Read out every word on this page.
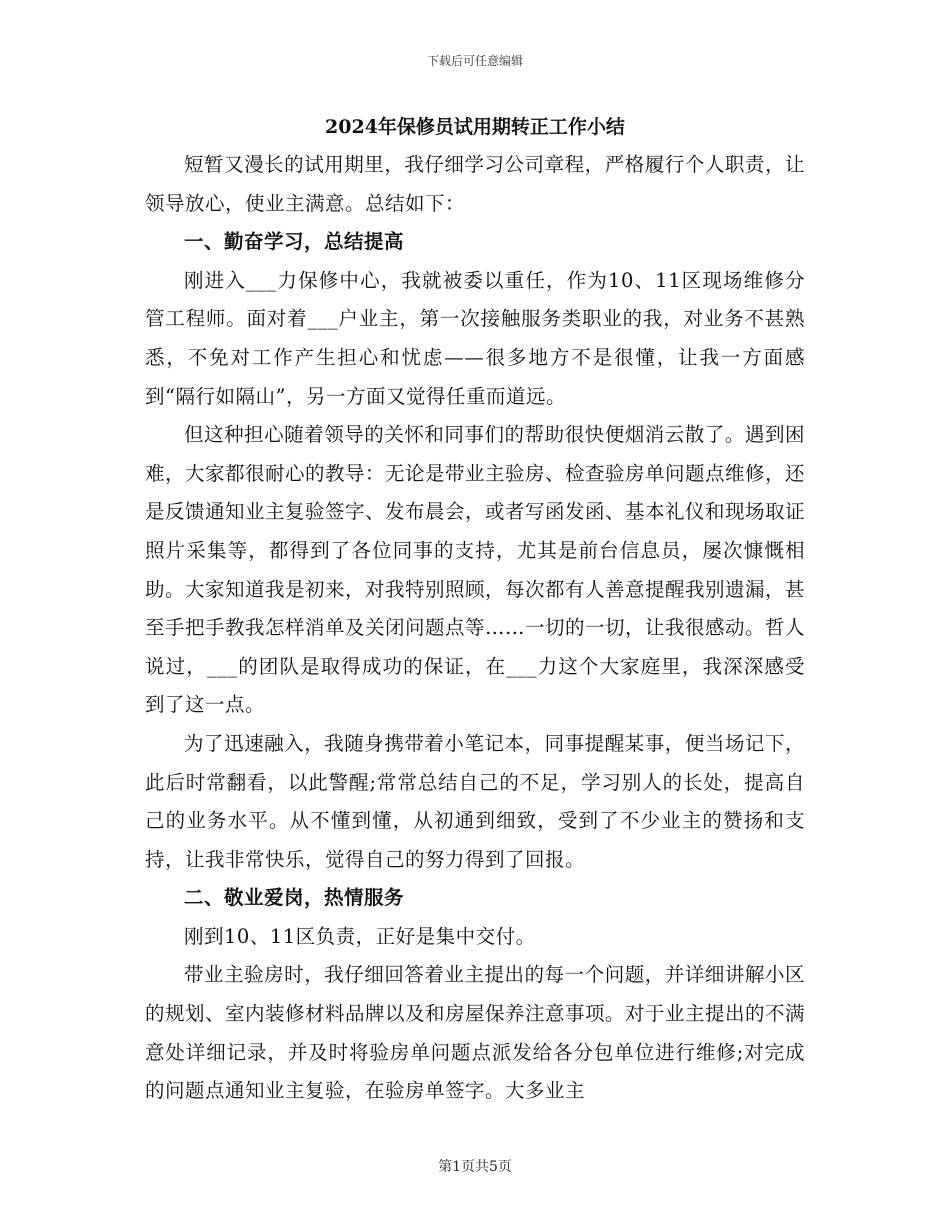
下载后可任意编辑
2024年保修员试用期转正工作小结

短暂又漫长的试用期里，我仔细学习公司章程，严格履行个人职责，让领导放心，使业主满意。总结如下：

一、勤奋学习，总结提高

刚进入___力保修中心，我就被委以重任，作为10、11区现场维修分管工程师。面对着___户业主，第一次接触服务类职业的我，对业务不甚熟悉，不免对工作产生担心和忧虑——很多地方不是很懂，让我一方面感到“隔行如隔山”，另一方面又觉得任重而道远。

但这种担心随着领导的关怀和同事们的帮助很快便烟消云散了。遇到困难，大家都很耐心的教导：无论是带业主验房、检查验房单问题点维修，还是反馈通知业主复验签字、发布晨会，或者写函发函、基本礼仪和现场取证照片采集等，都得到了各位同事的支持，尤其是前台信息员，屡次慷慨相助。大家知道我是初来，对我特别照顾，每次都有人善意提醒我别遗漏，甚至手把手教我怎样消单及关闭问题点等……一切的一切，让我很感动。哲人说过，___的团队是取得成功的保证，在___力这个大家庭里，我深深感受到了这一点。

为了迅速融入，我随身携带着小笔记本，同事提醒某事，便当场记下，此后时常翻看，以此警醒;常常总结自己的不足，学习别人的长处，提高自己的业务水平。从不懂到懂，从初通到细致，受到了不少业主的赞扬和支持，让我非常快乐，觉得自己的努力得到了回报。

二、敬业爱岗，热情服务

刚到10、11区负责，正好是集中交付。

带业主验房时，我仔细回答着业主提出的每一个问题，并详细讲解小区的规划、室内装修材料品牌以及和房屋保养注意事项。对于业主提出的不满意处详细记录，并及时将验房单问题点派发给各分包单位进行维修;对完成的问题点通知业主复验，在验房单签字。大多业主

第1页共5页
